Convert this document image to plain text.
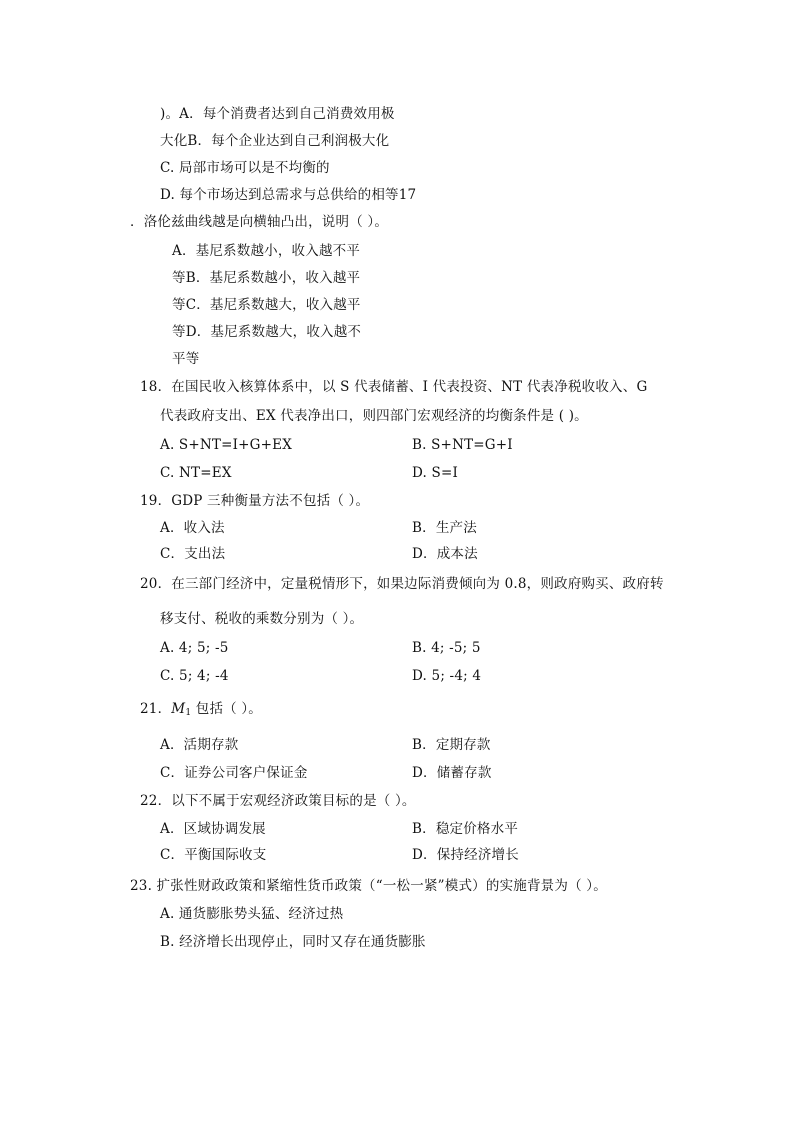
)。A．每个消费者达到自己消费效用极
大化B．每个企业达到自己利润极大化
C. 局部市场可以是不均衡的
D. 每个市场达到总需求与总供给的相等17
．洛伦兹曲线越是向横轴凸出，说明（ ）。
A．基尼系数越小，收入越不平
等B．基尼系数越小，收入越平
等C．基尼系数越大，收入越平
等D．基尼系数越大，收入越不
平等
18．在国民收入核算体系中，以 S 代表储蓄、I 代表投资、NT 代表净税收收入、G
代表政府支出、EX 代表净出口，则四部门宏观经济的均衡条件是 ( )。
A. S+NT=I+G+EX	B. S+NT=G+I
C. NT=EX	D. S=I
19．GDP 三种衡量方法不包括（ ）。
A．收入法	B．生产法
C．支出法	D．成本法
20．在三部门经济中，定量税情形下，如果边际消费倾向为 0.8，则政府购买、政府转
移支付、税收的乘数分别为（ ）。
A. 4; 5; -5	B. 4; -5; 5
C. 5; 4; -4	D. 5; -4; 4
21．$M_1$ 包括（ ）。
A．活期存款	B．定期存款
C．证券公司客户保证金	D．储蓄存款
22．以下不属于宏观经济政策目标的是（ ）。
A．区域协调发展	B．稳定价格水平
C．平衡国际收支	D．保持经济增长
23. 扩张性财政政策和紧缩性货币政策（“一松一紧”模式）的实施背景为（ ）。
A. 通货膨胀势头猛、经济过热
B. 经济增长出现停止，同时又存在通货膨胀
